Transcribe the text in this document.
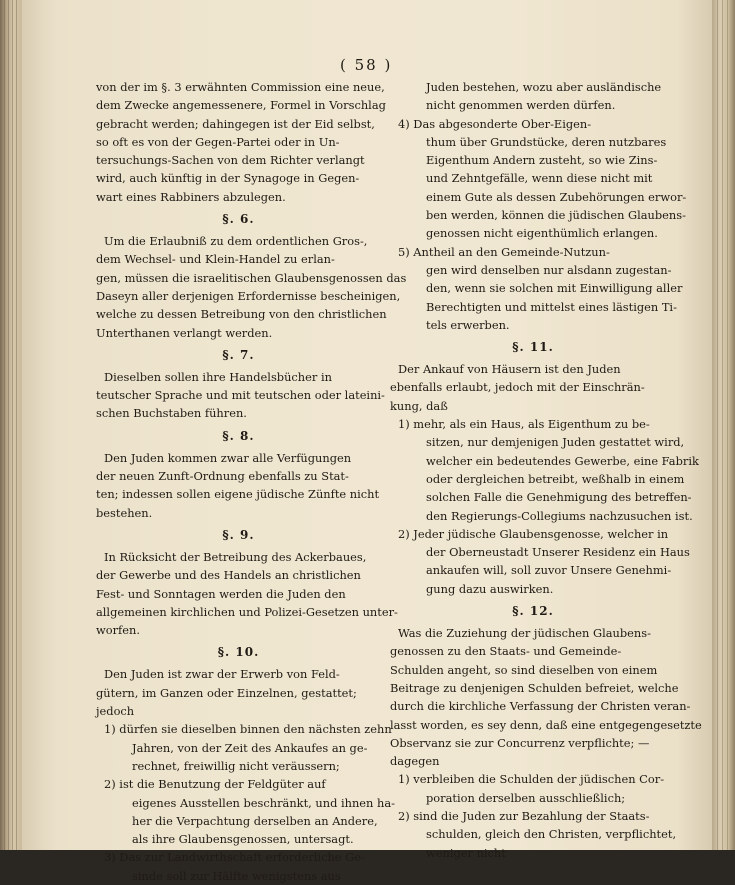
( 58 )
von der im §. 3 erwähnten Commission eine neue,
dem Zwecke angemessenere, Formel in Vorschlag
gebracht werden; dahingegen ist der Eid selbst,
so oft es von der Gegen-Partei oder in Un-
tersuchungs-Sachen von dem Richter verlangt
wird, auch künftig in der Synagoge in Gegen-
wart eines Rabbiners abzulegen.
§. 6.
Um die Erlaubniß zu dem ordentlichen Gros-,
dem Wechsel- und Klein-Handel zu erlan-
gen, müssen die israelitischen Glaubensgenossen das
Daseyn aller derjenigen Erfordernisse bescheinigen,
welche zu dessen Betreibung von den christlichen
Unterthanen verlangt werden.
§. 7.
Dieselben sollen ihre Handelsbücher in
teutscher Sprache und mit teutschen oder lateini-
schen Buchstaben führen.
§. 8.
Den Juden kommen zwar alle Verfügungen
der neuen Zunft-Ordnung ebenfalls zu Stat-
ten; indessen sollen eigene jüdische Zünfte nicht
bestehen.
§. 9.
In Rücksicht der Betreibung des Ackerbaues,
der Gewerbe und des Handels an christlichen
Fest- und Sonntagen werden die Juden den
allgemeinen kirchlichen und Polizei-Gesetzen unter-
worfen.
§. 10.
Den Juden ist zwar der Erwerb von Feld-
gütern, im Ganzen oder Einzelnen, gestattet;
jedoch
1) dürfen sie dieselben binnen den nächsten zehn
Jahren, von der Zeit des Ankaufes an ge-
rechnet, freiwillig nicht veräussern;
2) ist die Benutzung der Feldgüter auf
eigenes Ausstellen beschränkt, und ihnen ha-
her die Verpachtung derselben an Andere,
als ihre Glaubensgenossen, untersagt.
3) Das zur Landwirthschaft erforderliche Ge-
sinde soll zur Hälfte wenigstens aus
Juden bestehen, wozu aber ausländische
nicht genommen werden dürfen.
4) Das abgesonderte Ober-Eigen-
thum über Grundstücke, deren nutzbares
Eigenthum Andern zusteht, so wie Zins-
und Zehntgefälle, wenn diese nicht mit
einem Gute als dessen Zubehörungen erwor-
ben werden, können die jüdischen Glaubens-
genossen nicht eigenthümlich erlangen.
5) Antheil an den Gemeinde-Nutzun-
gen wird denselben nur alsdann zugestan-
den, wenn sie solchen mit Einwilligung aller
Berechtigten und mittelst eines lästigen Ti-
tels erwerben.
§. 11.
Der Ankauf von Häusern ist den Juden
ebenfalls erlaubt, jedoch mit der Einschrän-
kung, daß
1) mehr, als ein Haus, als Eigenthum zu be-
sitzen, nur demjenigen Juden gestattet wird,
welcher ein bedeutendes Gewerbe, eine Fabrik
oder dergleichen betreibt, weßhalb in einem
solchen Falle die Genehmigung des betreffen-
den Regierungs-Collegiums nachzusuchen ist.
2) Jeder jüdische Glaubensgenosse, welcher in
der Oberneustadt Unserer Residenz ein Haus
ankaufen will, soll zuvor Unsere Genehmi-
gung dazu auswirken.
§. 12.
Was die Zuziehung der jüdischen Glaubens-
genossen zu den Staats- und Gemeinde-
Schulden angeht, so sind dieselben von einem
Beitrage zu denjenigen Schulden befreiet, welche
durch die kirchliche Verfassung der Christen veran-
lasst worden, es sey denn, daß eine entgegengesetzte
Observanz sie zur Concurrenz verpflichte; —
dagegen
1) verbleiben die Schulden der jüdischen Cor-
poration derselben ausschließlich;
2) sind die Juden zur Bezahlung der Staats-
schulden, gleich den Christen, verpflichtet,
weniger nicht
